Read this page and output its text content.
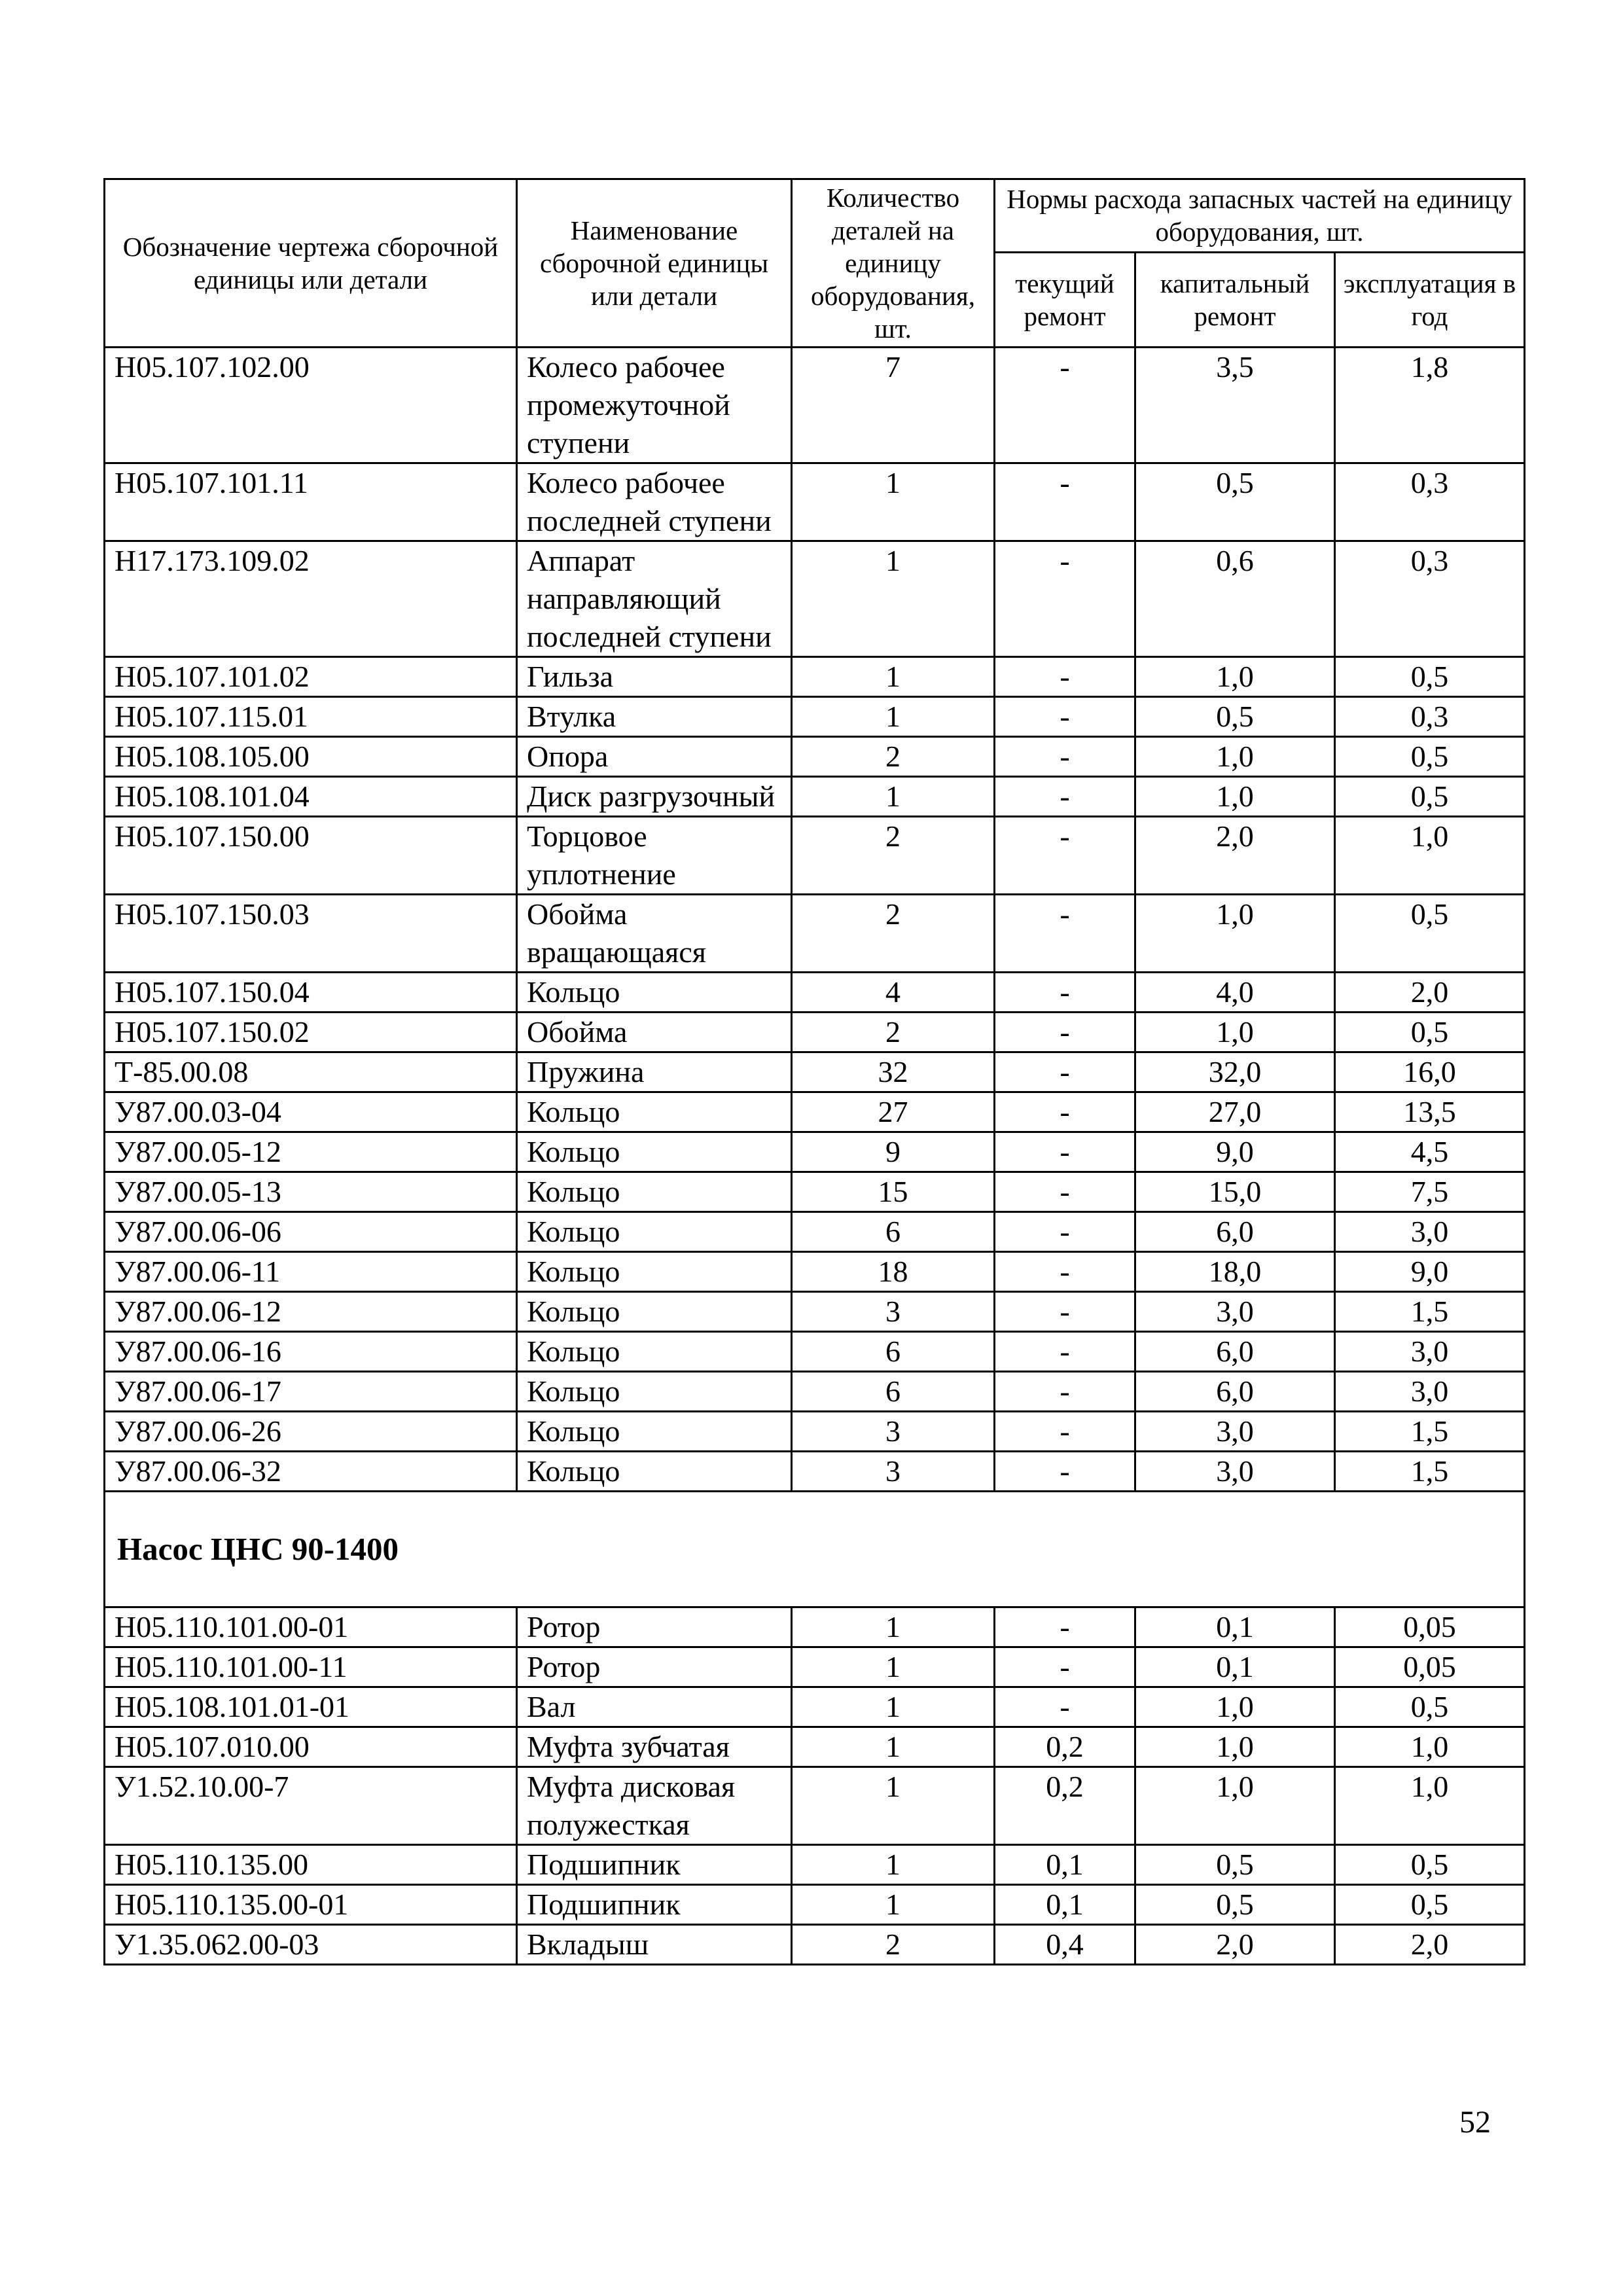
Обозначение чертежа сборочной единицы или детали	Наименование сборочной единицы или детали	Количество деталей на единицу оборудования, шт.	Нормы расхода запасных частей на единицу оборудования, шт.		
			текущий ремонт	капитальный ремонт	эксплуатация в год
Н05.107.102.00	Колесо рабочее промежуточной ступени	7	-	3,5	1,8
Н05.107.101.11	Колесо рабочее последней ступени	1	-	0,5	0,3
Н17.173.109.02	Аппарат направляющий последней ступени	1	-	0,6	0,3
Н05.107.101.02	Гильза	1	-	1,0	0,5
Н05.107.115.01	Втулка	1	-	0,5	0,3
Н05.108.105.00	Опора	2	-	1,0	0,5
Н05.108.101.04	Диск разгрузочный	1	-	1,0	0,5
Н05.107.150.00	Торцовое уплотнение	2	-	2,0	1,0
Н05.107.150.03	Обойма вращающаяся	2	-	1,0	0,5
Н05.107.150.04	Кольцо	4	-	4,0	2,0
Н05.107.150.02	Обойма	2	-	1,0	0,5
Т-85.00.08	Пружина	32	-	32,0	16,0
У87.00.03-04	Кольцо	27	-	27,0	13,5
У87.00.05-12	Кольцо	9	-	9,0	4,5
У87.00.05-13	Кольцо	15	-	15,0	7,5
У87.00.06-06	Кольцо	6	-	6,0	3,0
У87.00.06-11	Кольцо	18	-	18,0	9,0
У87.00.06-12	Кольцо	3	-	3,0	1,5
У87.00.06-16	Кольцо	6	-	6,0	3,0
У87.00.06-17	Кольцо	6	-	6,0	3,0
У87.00.06-26	Кольцо	3	-	3,0	1,5
У87.00.06-32	Кольцо	3	-	3,0	1,5
Насос ЦНС 90-1400					
Н05.110.101.00-01	Ротор	1	-	0,1	0,05
Н05.110.101.00-11	Ротор	1	-	0,1	0,05
Н05.108.101.01-01	Вал	1	-	1,0	0,5
Н05.107.010.00	Муфта зубчатая	1	0,2	1,0	1,0
У1.52.10.00-7	Муфта дисковая полужесткая	1	0,2	1,0	1,0
Н05.110.135.00	Подшипник	1	0,1	0,5	0,5
Н05.110.135.00-01	Подшипник	1	0,1	0,5	0,5
У1.35.062.00-03	Вкладыш	2	0,4	2,0	2,0
52
